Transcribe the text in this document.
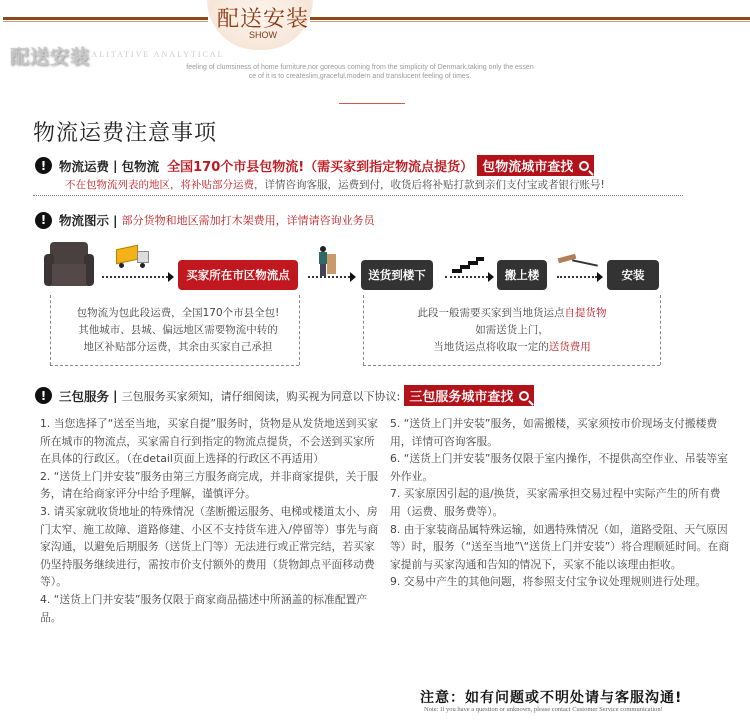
配送安装
SHOW
配送安装
QUALITATIVE ANALYTICAL
feeling of clumsiness of home furniture,nor goreous coming from the simplicity of Denmark,taking only the essen
ce of it is to createslim,graceful,modern and translucent feeling of times.
物流运费注意事项
!	物流运费 | 包物流 全国170个市县包物流!（需买家到指定物流点提货） 包物流城市查找
不在包物流列表的地区，将补贴部分运费，详情咨询客服，运费到付，收货后将补贴打款到亲们支付宝或者银行账号!
!	物流图示 | 部分货物和地区需加打木架费用，详情请咨询业务员
买家所在市区物流点	送货到楼下	搬上楼	安装
包物流为包此段运费，全国170个市县全包!
其他城市、县城、偏远地区需要物流中转的
地区补贴部分运费，其余由买家自己承担
此段一般需要买家到当地货运点自提货物
如需送货上门，
当地货运点将收取一定的送货费用
!	三包服务 | 三包服务买家须知，请仔细阅读，购买视为同意以下协议: 三包服务城市查找

1. 当您选择了“送至当地，买家自提”服务时，货物是从发货地送到买家所在城市的物流点，买家需自行到指定的物流点提货，不会送到买家所在具体的行政区。（在detail页面上选择的行政区不再适用）

2. “送货上门并安装”服务由第三方服务商完成，并非商家提供，关于服务，请在给商家评分中给予理解，谨慎评分。

3. 请买家就收货地址的特殊情况（垄断搬运服务、电梯或楼道太小、房门太窄、施工故障、道路修建、小区不支持货车进入/停留等）事先与商家沟通，以避免后期服务（送货上门等）无法进行或正常完结，若买家仍坚持服务继续进行，需按市价支付额外的费用（货物卸点平面移动费等）。

4. “送货上门并安装”服务仅限于商家商品描述中所涵盖的标准配置产品。

5. “送货上门并安装”服务，如需搬楼，买家须按市价现场支付搬楼费用，详情可咨询客服。

6. “送货上门并安装”服务仅限于室内操作，不提供高空作业、吊装等室外作业。

7. 买家原因引起的退/换货，买家需承担交易过程中实际产生的所有费用（运费、服务费等）。

8. 由于家装商品属特殊运输，如遇特殊情况（如，道路受阻、天气原因等）时，服务（“送至当地”\“送货上门并安装”）将合理顺延时间。在商家提前与买家沟通和告知的情况下，买家不能以该理由拒收。

9. 交易中产生的其他问题，将参照支付宝争议处理规则进行处理。

注意：如有问题或不明处请与客服沟通!
Note: If you have a question or unknown, please contact Customer Service communication!
